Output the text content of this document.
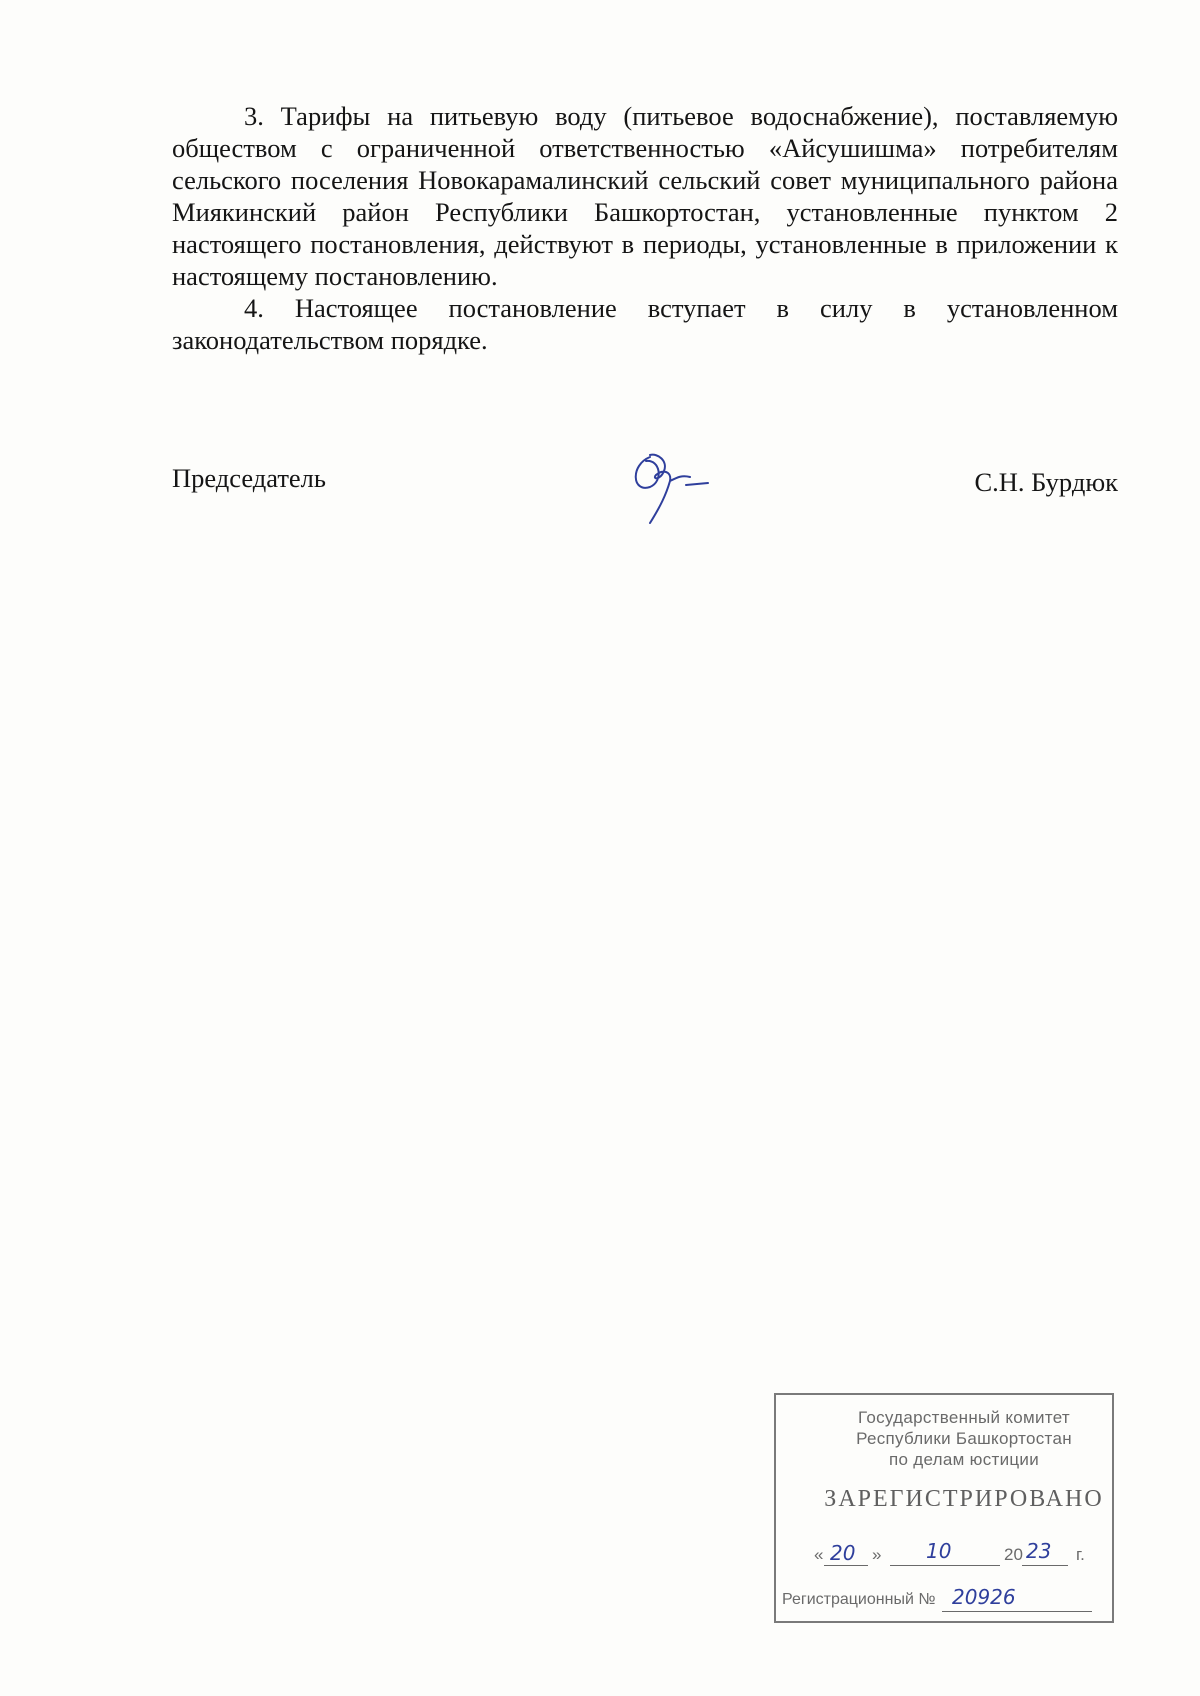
3. Тарифы на питьевую воду (питьевое водоснабжение), поставляемую обществом с ограниченной ответственностью «Айсушишма» потребителям сельского поселения Новокарамалинский сельский совет муниципального района Миякинский район Республики Башкортостан, установленные пунктом 2 настоящего постановления, действуют в периоды, установленные в приложении к настоящему постановлению.

4. Настоящее постановление вступает в силу в установленном законодательством порядке.

Председатель	С.Н. Бурдюк
Государственный комитет
Республики Башкортостан
по делам юстиции
ЗАРЕГИСТРИРОВАНО
« 20 » 10	20 23 г.
Регистрационный № 20926
